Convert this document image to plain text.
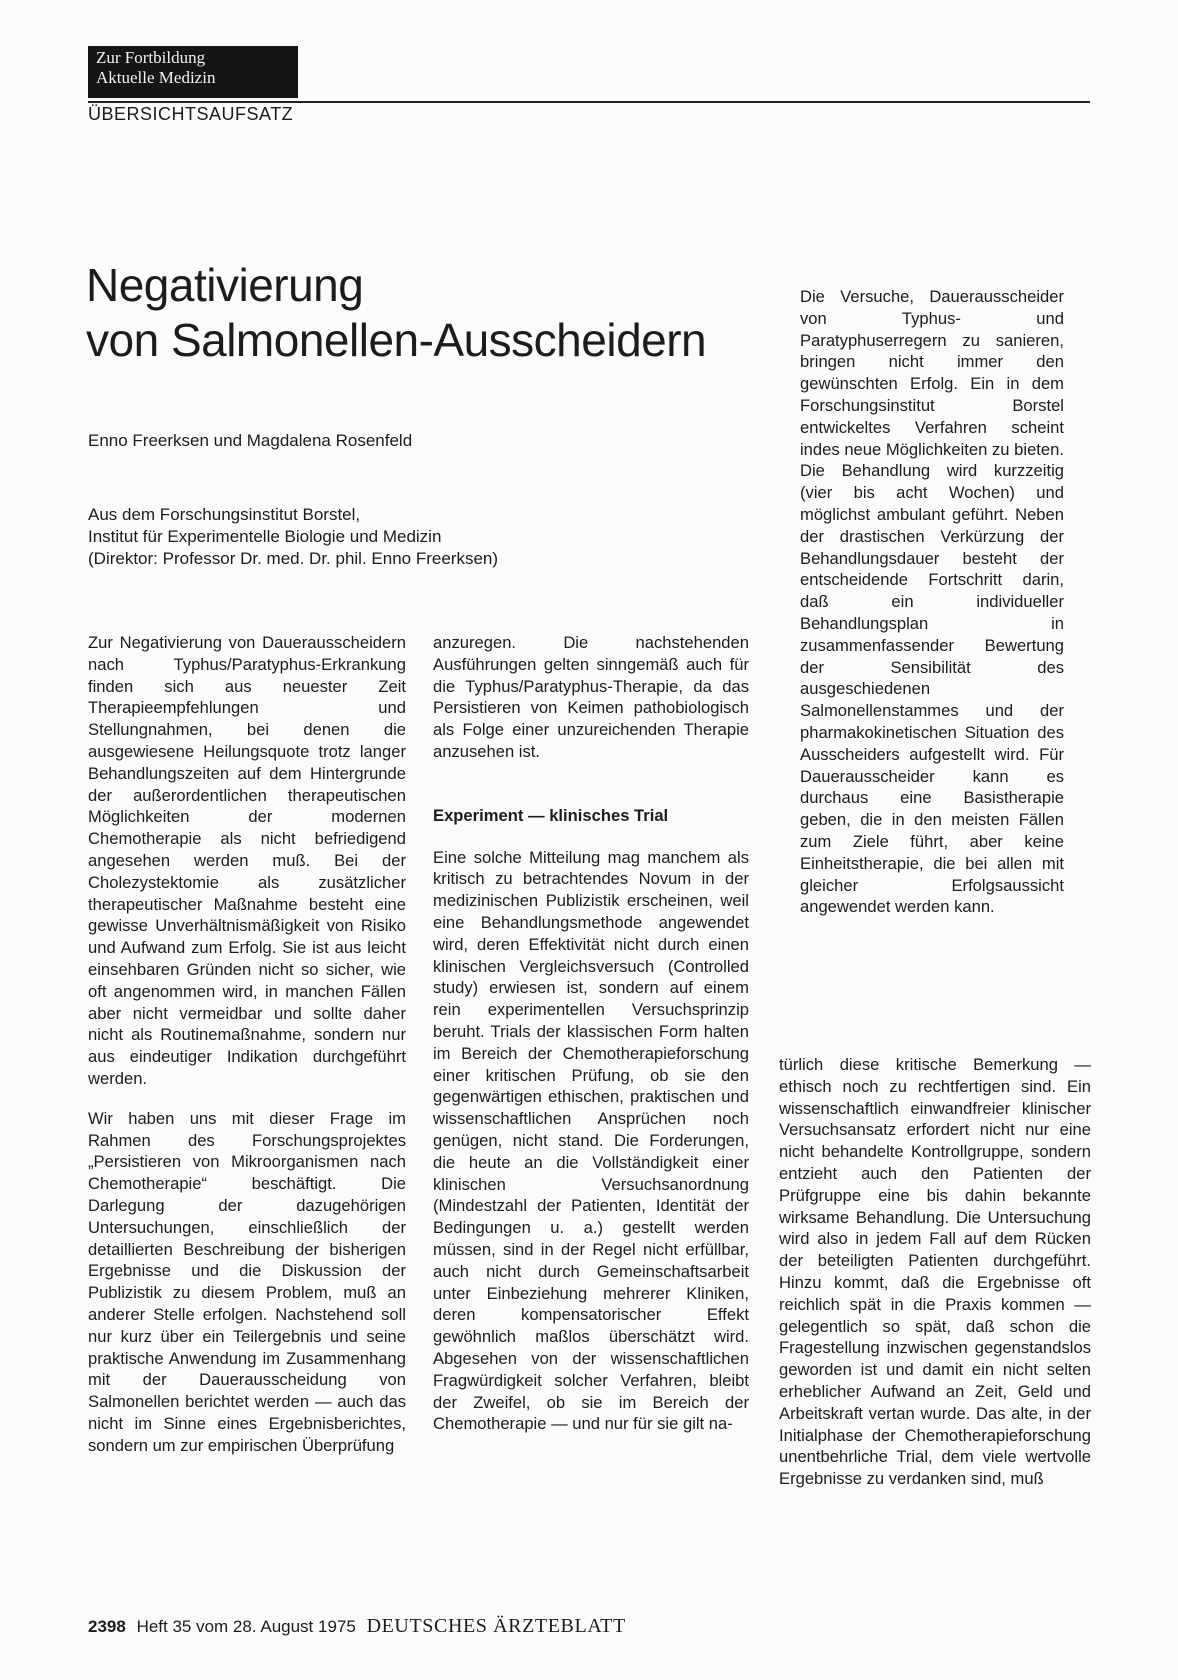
Zur Fortbildung
Aktuelle Medizin
ÜBERSICHTSAUFSATZ
Negativierung
von Salmonellen-Ausscheidern
Enno Freerksen und Magdalena Rosenfeld
Aus dem Forschungsinstitut Borstel,
Institut für Experimentelle Biologie und Medizin
(Direktor: Professor Dr. med. Dr. phil. Enno Freerksen)

Die Versuche, Dauerausscheider von Typhus- und Paratyphuserregern zu sanieren, bringen nicht immer den gewünschten Erfolg. Ein in dem Forschungsinstitut Borstel entwickeltes Verfahren scheint indes neue Möglichkeiten zu bieten. Die Behandlung wird kurzzeitig (vier bis acht Wochen) und möglichst ambulant geführt. Neben der drastischen Verkürzung der Behandlungsdauer besteht der entscheidende Fortschritt darin, daß ein individueller Behandlungsplan in zusammenfassender Bewertung der Sensibilität des ausgeschiedenen Salmonellenstammes und der pharmakokinetischen Situation des Ausscheiders aufgestellt wird. Für Dauerausscheider kann es durchaus eine Basistherapie geben, die in den meisten Fällen zum Ziele führt, aber keine Einheitstherapie, die bei allen mit gleicher Erfolgsaussicht angewendet werden kann.

Zur Negativierung von Dauerausscheidern nach Typhus/Paratyphus-Erkrankung finden sich aus neuester Zeit Therapieempfehlungen und Stellungnahmen, bei denen die ausgewiesene Heilungsquote trotz langer Behandlungszeiten auf dem Hintergrunde der außerordentlichen therapeutischen Möglichkeiten der modernen Chemotherapie als nicht befriedigend angesehen werden muß. Bei der Cholezystektomie als zusätzlicher therapeutischer Maßnahme besteht eine gewisse Unverhältnismäßigkeit von Risiko und Aufwand zum Erfolg. Sie ist aus leicht einsehbaren Gründen nicht so sicher, wie oft angenommen wird, in manchen Fällen aber nicht vermeidbar und sollte daher nicht als Routinemaßnahme, sondern nur aus eindeutiger Indikation durchgeführt werden.

Wir haben uns mit dieser Frage im Rahmen des Forschungsprojektes „Persistieren von Mikroorganismen nach Chemotherapie“ beschäftigt. Die Darlegung der dazugehörigen Untersuchungen, einschließlich der detaillierten Beschreibung der bisherigen Ergebnisse und die Diskussion der Publizistik zu diesem Problem, muß an anderer Stelle erfolgen. Nachstehend soll nur kurz über ein Teilergebnis und seine praktische Anwendung im Zusammenhang mit der Dauerausscheidung von Salmonellen berichtet werden — auch das nicht im Sinne eines Ergebnisberichtes, sondern um zur empirischen Überprüfung

anzuregen. Die nachstehenden Ausführungen gelten sinngemäß auch für die Typhus/Paratyphus-Therapie, da das Persistieren von Keimen pathobiologisch als Folge einer unzureichenden Therapie anzusehen ist.

Experiment — klinisches Trial

Eine solche Mitteilung mag manchem als kritisch zu betrachtendes Novum in der medizinischen Publizistik erscheinen, weil eine Behandlungsmethode angewendet wird, deren Effektivität nicht durch einen klinischen Vergleichsversuch (Controlled study) erwiesen ist, sondern auf einem rein experimentellen Versuchsprinzip beruht. Trials der klassischen Form halten im Bereich der Chemotherapieforschung einer kritischen Prüfung, ob sie den gegenwärtigen ethischen, praktischen und wissenschaftlichen Ansprüchen noch genügen, nicht stand. Die Forderungen, die heute an die Vollständigkeit einer klinischen Versuchsanordnung (Mindestzahl der Patienten, Identität der Bedingungen u. a.) gestellt werden müssen, sind in der Regel nicht erfüllbar, auch nicht durch Gemeinschaftsarbeit unter Einbeziehung mehrerer Kliniken, deren kompensatorischer Effekt gewöhnlich maßlos überschätzt wird. Abgesehen von der wissenschaftlichen Fragwürdigkeit solcher Verfahren, bleibt der Zweifel, ob sie im Bereich der Chemotherapie — und nur für sie gilt na-

türlich diese kritische Bemerkung — ethisch noch zu rechtfertigen sind. Ein wissenschaftlich einwandfreier klinischer Versuchsansatz erfordert nicht nur eine nicht behandelte Kontrollgruppe, sondern entzieht auch den Patienten der Prüfgruppe eine bis dahin bekannte wirksame Behandlung. Die Untersuchung wird also in jedem Fall auf dem Rücken der beteiligten Patienten durchgeführt. Hinzu kommt, daß die Ergebnisse oft reichlich spät in die Praxis kommen — gelegentlich so spät, daß schon die Fragestellung inzwischen gegenstandslos geworden ist und damit ein nicht selten erheblicher Aufwand an Zeit, Geld und Arbeitskraft vertan wurde. Das alte, in der Initialphase der Chemotherapieforschung unentbehrliche Trial, dem viele wertvolle Ergebnisse zu verdanken sind, muß

2398 Heft 35 vom 28. August 1975 DEUTSCHES ÄRZTEBLATT
